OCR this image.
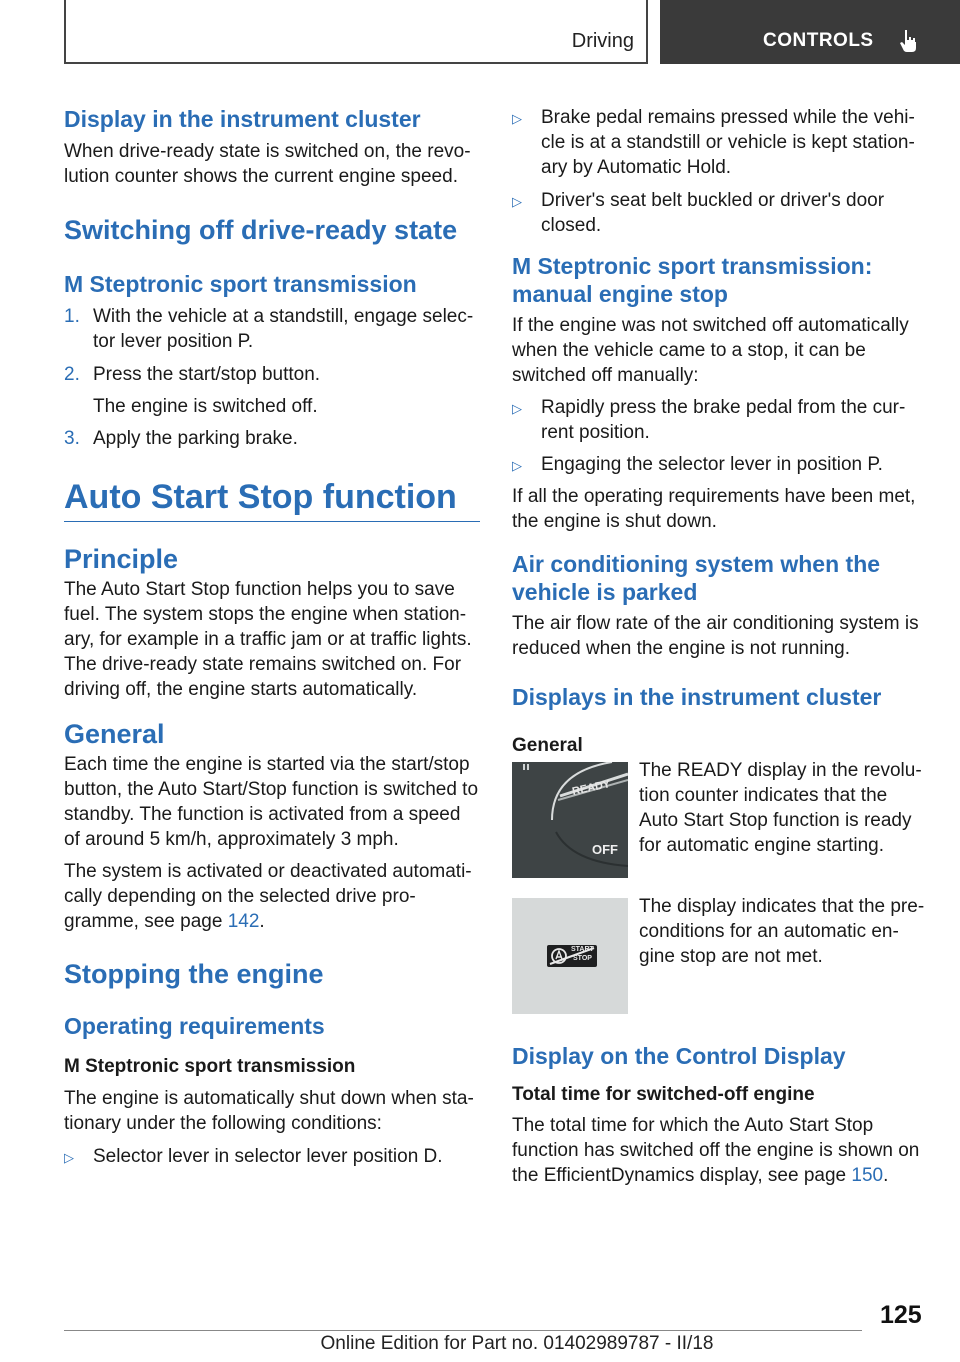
Driving	CONTROLS
Display in the instrument cluster

When drive-ready state is switched on, the revo-lution counter shows the current engine speed.

Switching off drive-ready state
M Steptronic sport transmission
1. With the vehicle at a standstill, engage selec-tor lever position P.
2. Press the start/stop button.
The engine is switched off.
3. Apply the parking brake.
Auto Start Stop function
Principle

The Auto Start Stop function helps you to save fuel. The system stops the engine when station-ary, for example in a traffic jam or at traffic lights. The drive-ready state remains switched on. For driving off, the engine starts automatically.

General

Each time the engine is started via the start/stop button, the Auto Start/Stop function is switched to standby. The function is activated from a speed of around 5 km/h, approximately 3 mph.

The system is activated or deactivated automati-cally depending on the selected drive pro-gramme, see page 142.

Stopping the engine
Operating requirements
M Steptronic sport transmission

The engine is automatically shut down when sta-tionary under the following conditions:

▷ Selector lever in selector lever position D.
▷ Brake pedal remains pressed while the vehi-cle is at a standstill or vehicle is kept station-ary by Automatic Hold.
▷ Driver's seat belt buckled or driver's door closed.
M Steptronic sport transmission: manual engine stop

If the engine was not switched off automatically when the vehicle came to a stop, it can be switched off manually:

▷ Rapidly press the brake pedal from the cur-rent position.
▷ Engaging the selector lever in position P.

If all the operating requirements have been met, the engine is shut down.

Air conditioning system when the vehicle is parked

The air flow rate of the air conditioning system is reduced when the engine is not running.

Displays in the instrument cluster
General
READY
OFF

The READY display in the revolu-tion counter indicates that the Auto Start Stop function is ready for automatic engine starting.

START
STOP

The display indicates that the pre-conditions for an automatic en-gine stop are not met.

Display on the Control Display
Total time for switched-off engine

The total time for which the Auto Start Stop function has switched off the engine is shown on the EfficientDynamics display, see page 150.

125
Online Edition for Part no. 01402989787 - II/18
